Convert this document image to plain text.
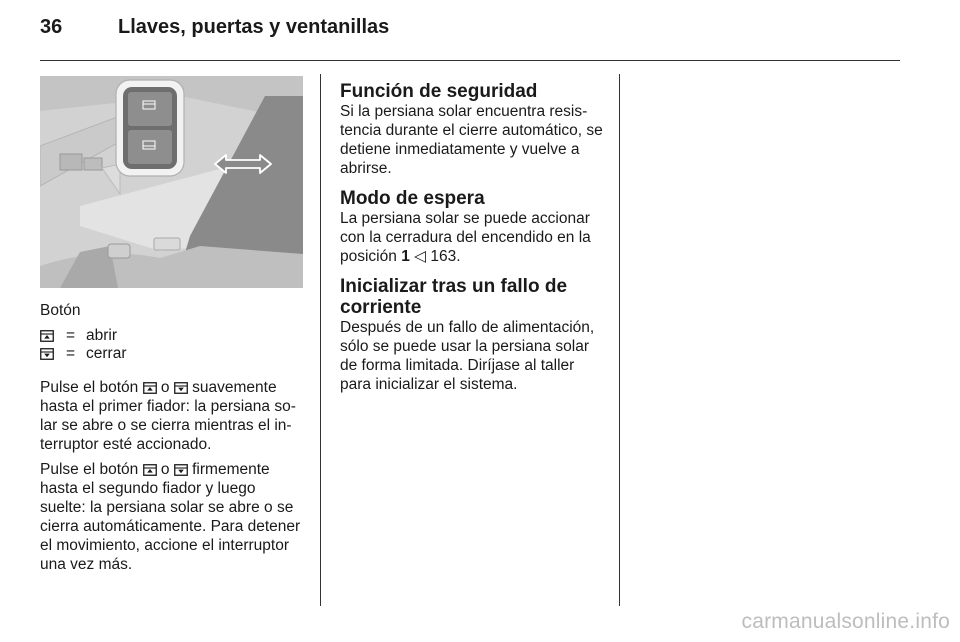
36	Llaves, puertas y ventanillas
Botón
= abrir
= cerrar

Pulse el botón o suavemente hasta el primer fiador: la persiana solar se abre o se cierra mientras el interruptor esté accionado.

Pulse el botón o firmemente hasta el segundo fiador y luego suelte: la persiana solar se abre o se cierra automáticamente. Para detener el movimiento, accione el interruptor una vez más.

Función de seguridad

Si la persiana solar encuentra resistencia durante el cierre automático, se detiene inmediatamente y vuelve a abrirse.

Modo de espera

La persiana solar se puede accionar con la cerradura del encendido en la posición 1 ◁ 163.

Inicializar tras un fallo de corriente

Después de un fallo de alimentación, sólo se puede usar la persiana solar de forma limitada. Diríjase al taller para inicializar el sistema.

carmanualsonline.info
